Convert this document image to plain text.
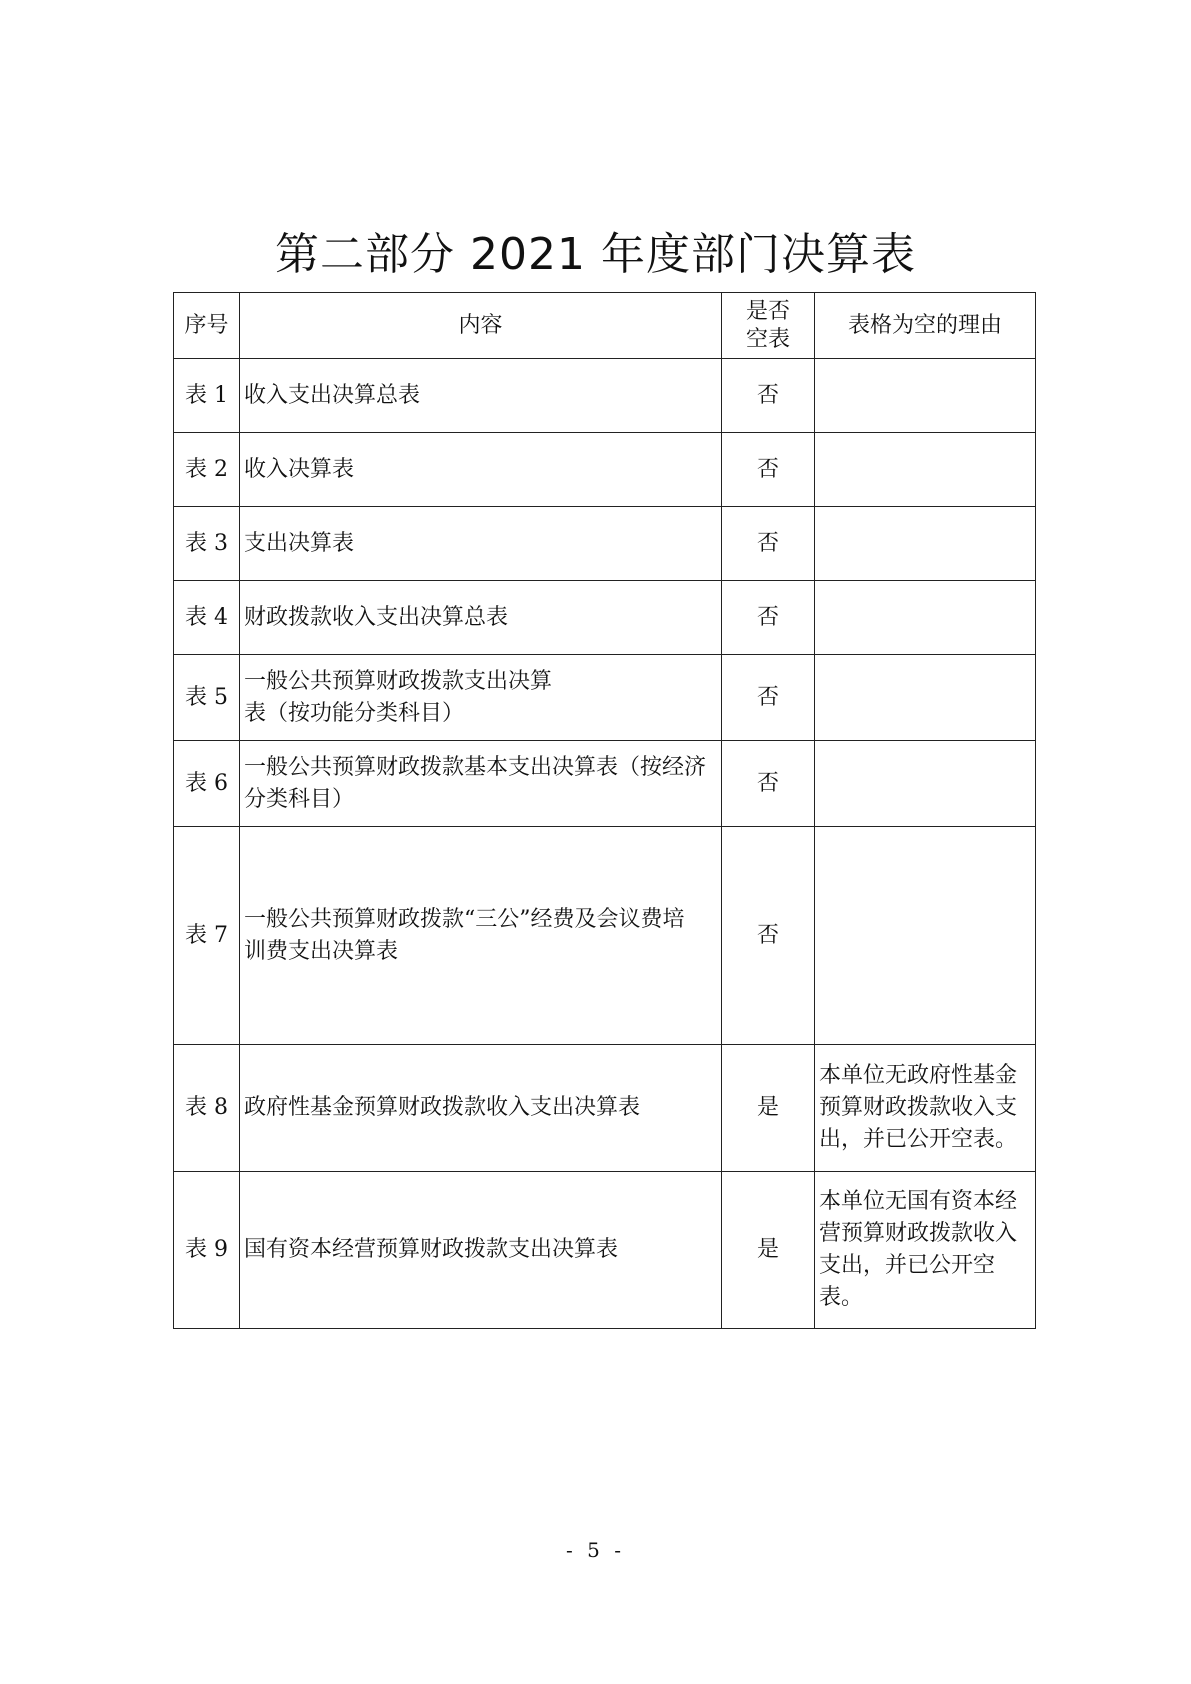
第二部分 2021 年度部门决算表
序号	内容	是否空表	表格为空的理由
表 1	收入支出决算总表	否	
表 2	收入决算表	否	
表 3	支出决算表	否	
表 4	财政拨款收入支出决算总表	否	
表 5	一般公共预算财政拨款支出决算表（按功能分类科目）	否	
表 6	一般公共预算财政拨款基本支出决算表（按经济分类科目）	否	
表 7	一般公共预算财政拨款“三公”经费及会议费培训费支出决算表	否	
表 8	政府性基金预算财政拨款收入支出决算表	是	本单位无政府性基金预算财政拨款收入支出，并已公开空表。
表 9	国有资本经营预算财政拨款支出决算表	是	本单位无国有资本经营预算财政拨款收入支出，并已公开空表。
- 5 -
